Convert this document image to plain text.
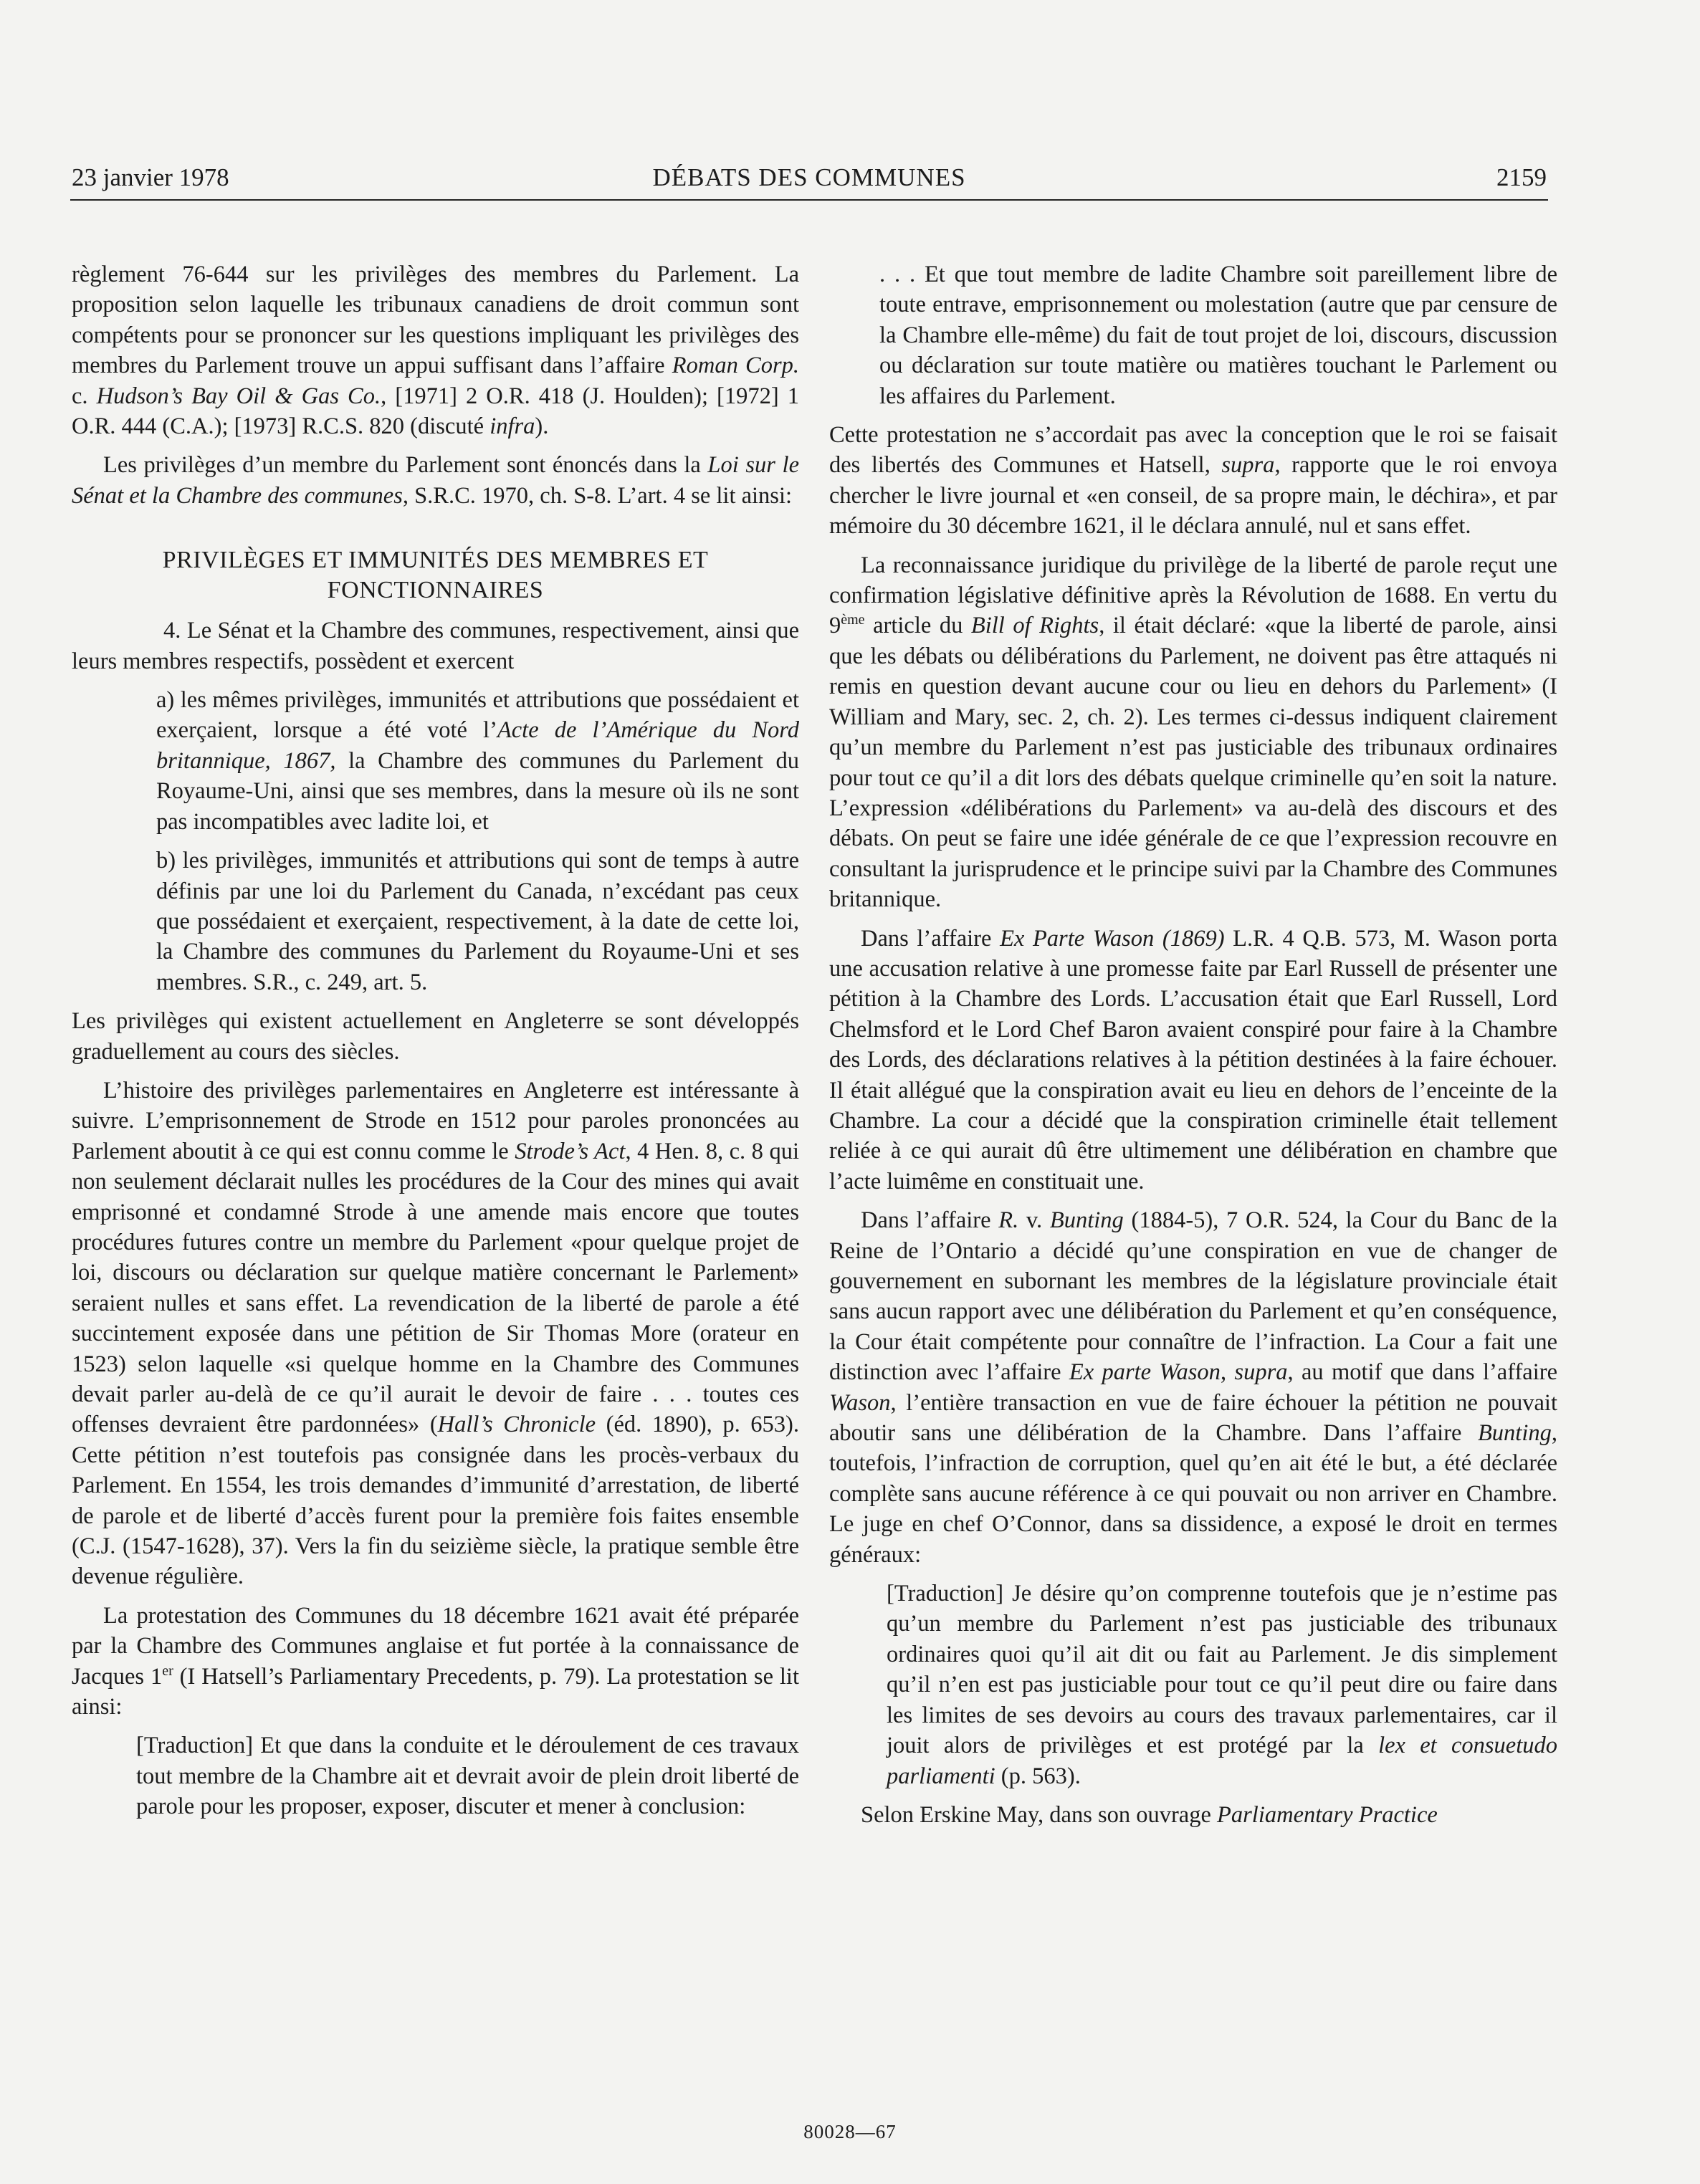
23 janvier 1978	DÉBATS DES COMMUNES	2159

règlement 76-644 sur les privilèges des membres du Parlement. La proposition selon laquelle les tribunaux canadiens de droit commun sont compétents pour se prononcer sur les questions impliquant les privilèges des membres du Parlement trouve un appui suffisant dans l’affaire Roman Corp. c. Hudson’s Bay Oil & Gas Co., [1971] 2 O.R. 418 (J. Houlden); [1972] 1 O.R. 444 (C.A.); [1973] R.C.S. 820 (discuté infra).

Les privilèges d’un membre du Parlement sont énoncés dans la Loi sur le Sénat et la Chambre des communes, S.R.C. 1970, ch. S-8. L’art. 4 se lit ainsi:

PRIVILÈGES ET IMMUNITÉS DES MEMBRES ET FONCTIONNAIRES

4. Le Sénat et la Chambre des communes, respectivement, ainsi que leurs membres respectifs, possèdent et exercent

a) les mêmes privilèges, immunités et attributions que possédaient et exerçaient, lorsque a été voté l’Acte de l’Amérique du Nord britannique, 1867, la Chambre des communes du Parlement du Royaume-Uni, ainsi que ses membres, dans la mesure où ils ne sont pas incompatibles avec ladite loi, et

b) les privilèges, immunités et attributions qui sont de temps à autre définis par une loi du Parlement du Canada, n’excédant pas ceux que possédaient et exerçaient, respectivement, à la date de cette loi, la Chambre des communes du Parlement du Royaume-Uni et ses membres. S.R., c. 249, art. 5.

Les privilèges qui existent actuellement en Angleterre se sont développés graduellement au cours des siècles.

L’histoire des privilèges parlementaires en Angleterre est intéressante à suivre. L’emprisonnement de Strode en 1512 pour paroles prononcées au Parlement aboutit à ce qui est connu comme le Strode’s Act, 4 Hen. 8, c. 8 qui non seulement déclarait nulles les procédures de la Cour des mines qui avait emprisonné et condamné Strode à une amende mais encore que toutes procédures futures contre un membre du Parlement «pour quelque projet de loi, discours ou déclaration sur quelque matière concernant le Parlement» seraient nulles et sans effet. La revendication de la liberté de parole a été succintement exposée dans une pétition de Sir Thomas More (orateur en 1523) selon laquelle «si quelque homme en la Chambre des Communes devait parler au-delà de ce qu’il aurait le devoir de faire . . . toutes ces offenses devraient être pardonnées» (Hall’s Chronicle (éd. 1890), p. 653). Cette pétition n’est toutefois pas consignée dans les procès-verbaux du Parlement. En 1554, les trois demandes d’immunité d’arrestation, de liberté de parole et de liberté d’accès furent pour la première fois faites ensemble (C.J. (1547-1628), 37). Vers la fin du seizième siècle, la pratique semble être devenue régulière.

La protestation des Communes du 18 décembre 1621 avait été préparée par la Chambre des Communes anglaise et fut portée à la connaissance de Jacques 1er (I Hatsell’s Parliamentary Precedents, p. 79). La protestation se lit ainsi:

[Traduction] Et que dans la conduite et le déroulement de ces travaux tout membre de la Chambre ait et devrait avoir de plein droit liberté de parole pour les proposer, exposer, discuter et mener à conclusion:

. . . Et que tout membre de ladite Chambre soit pareillement libre de toute entrave, emprisonnement ou molestation (autre que par censure de la Chambre elle-même) du fait de tout projet de loi, discours, discussion ou déclaration sur toute matière ou matières touchant le Parlement ou les affaires du Parlement.

Cette protestation ne s’accordait pas avec la conception que le roi se faisait des libertés des Communes et Hatsell, supra, rapporte que le roi envoya chercher le livre journal et «en conseil, de sa propre main, le déchira», et par mémoire du 30 décembre 1621, il le déclara annulé, nul et sans effet.

La reconnaissance juridique du privilège de la liberté de parole reçut une confirmation législative définitive après la Révolution de 1688. En vertu du 9ème article du Bill of Rights, il était déclaré: «que la liberté de parole, ainsi que les débats ou délibérations du Parlement, ne doivent pas être attaqués ni remis en question devant aucune cour ou lieu en dehors du Parlement» (I William and Mary, sec. 2, ch. 2). Les termes ci-dessus indiquent clairement qu’un membre du Parlement n’est pas justiciable des tribunaux ordinaires pour tout ce qu’il a dit lors des débats quelque criminelle qu’en soit la nature. L’expression «délibérations du Parlement» va au-delà des discours et des débats. On peut se faire une idée générale de ce que l’expression recouvre en consultant la jurisprudence et le principe suivi par la Chambre des Communes britannique.

Dans l’affaire Ex Parte Wason (1869) L.R. 4 Q.B. 573, M. Wason porta une accusation relative à une promesse faite par Earl Russell de présenter une pétition à la Chambre des Lords. L’accusation était que Earl Russell, Lord Chelmsford et le Lord Chef Baron avaient conspiré pour faire à la Chambre des Lords, des déclarations relatives à la pétition destinées à la faire échouer. Il était allégué que la conspiration avait eu lieu en dehors de l’enceinte de la Chambre. La cour a décidé que la conspiration criminelle était tellement reliée à ce qui aurait dû être ultimement une délibération en chambre que l’acte luimême en constituait une.

Dans l’affaire R. v. Bunting (1884-5), 7 O.R. 524, la Cour du Banc de la Reine de l’Ontario a décidé qu’une conspiration en vue de changer de gouvernement en subornant les membres de la législature provinciale était sans aucun rapport avec une délibération du Parlement et qu’en conséquence, la Cour était compétente pour connaître de l’infraction. La Cour a fait une distinction avec l’affaire Ex parte Wason, supra, au motif que dans l’affaire Wason, l’entière transaction en vue de faire échouer la pétition ne pouvait aboutir sans une délibération de la Chambre. Dans l’affaire Bunting, toutefois, l’infraction de corruption, quel qu’en ait été le but, a été déclarée complète sans aucune référence à ce qui pouvait ou non arriver en Chambre. Le juge en chef O’Connor, dans sa dissidence, a exposé le droit en termes généraux:

[Traduction] Je désire qu’on comprenne toutefois que je n’estime pas qu’un membre du Parlement n’est pas justiciable des tribunaux ordinaires quoi qu’il ait dit ou fait au Parlement. Je dis simplement qu’il n’en est pas justiciable pour tout ce qu’il peut dire ou faire dans les limites de ses devoirs au cours des travaux parlementaires, car il jouit alors de privilèges et est protégé par la lex et consuetudo parliamenti (p. 563).

Selon Erskine May, dans son ouvrage Parliamentary Practice

80028—67
